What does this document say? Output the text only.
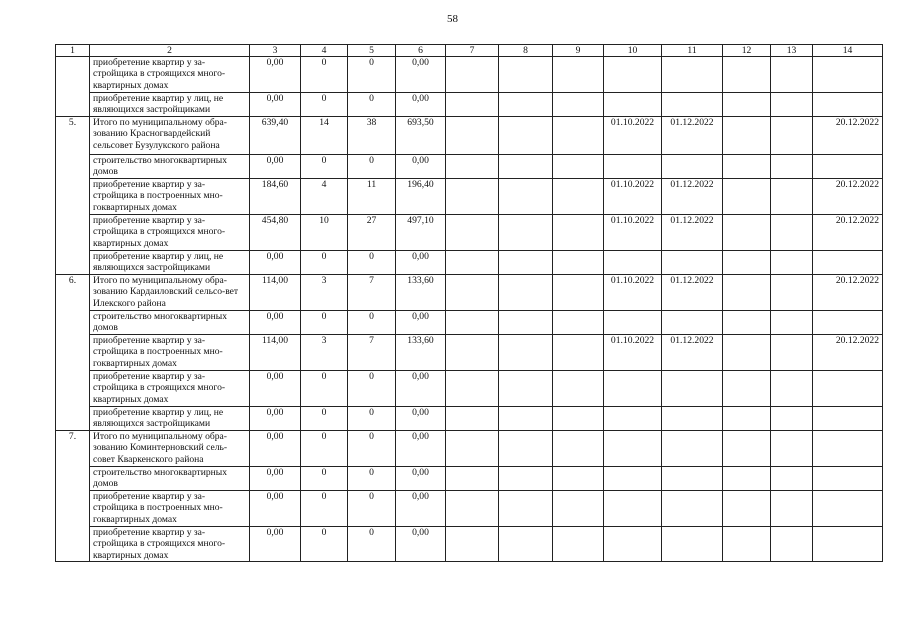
58
1	2	3	4	5	6	7	8	9	10	11	12	13	14
	приобретение квартир у за-стройщика в строящихся много-квартирных домах	0,00	0	0	0,00								
	приобретение квартир у лиц, не являющихся застройщиками	0,00	0	0	0,00								
5.	Итого по муниципальному обра-зованию Красногвардейский сельсовет Бузулукского района	639,40	14	38	693,50				01.10.2022	01.12.2022			20.12.2022
	строительство многоквартирных домов	0,00	0	0	0,00								
	приобретение квартир у за-стройщика в построенных мно-гоквартирных домах	184,60	4	11	196,40				01.10.2022	01.12.2022			20.12.2022
	приобретение квартир у за-стройщика в строящихся много-квартирных домах	454,80	10	27	497,10				01.10.2022	01.12.2022			20.12.2022
	приобретение квартир у лиц, не являющихся застройщиками	0,00	0	0	0,00								
6.	Итого по муниципальному обра-зованию Кардаиловский сельсо-вет Илекского района	114,00	3	7	133,60				01.10.2022	01.12.2022			20.12.2022
	строительство многоквартирных домов	0,00	0	0	0,00								
	приобретение квартир у за-стройщика в построенных мно-гоквартирных домах	114,00	3	7	133,60				01.10.2022	01.12.2022			20.12.2022
	приобретение квартир у за-стройщика в строящихся много-квартирных домах	0,00	0	0	0,00								
	приобретение квартир у лиц, не являющихся застройщиками	0,00	0	0	0,00								
7.	Итого по муниципальному обра-зованию Коминтерновский сель-совет Кваркенского района	0,00	0	0	0,00								
	строительство многоквартирных домов	0,00	0	0	0,00								
	приобретение квартир у за-стройщика в построенных мно-гоквартирных домах	0,00	0	0	0,00								
	приобретение квартир у за-стройщика в строящихся много-квартирных домах	0,00	0	0	0,00								
